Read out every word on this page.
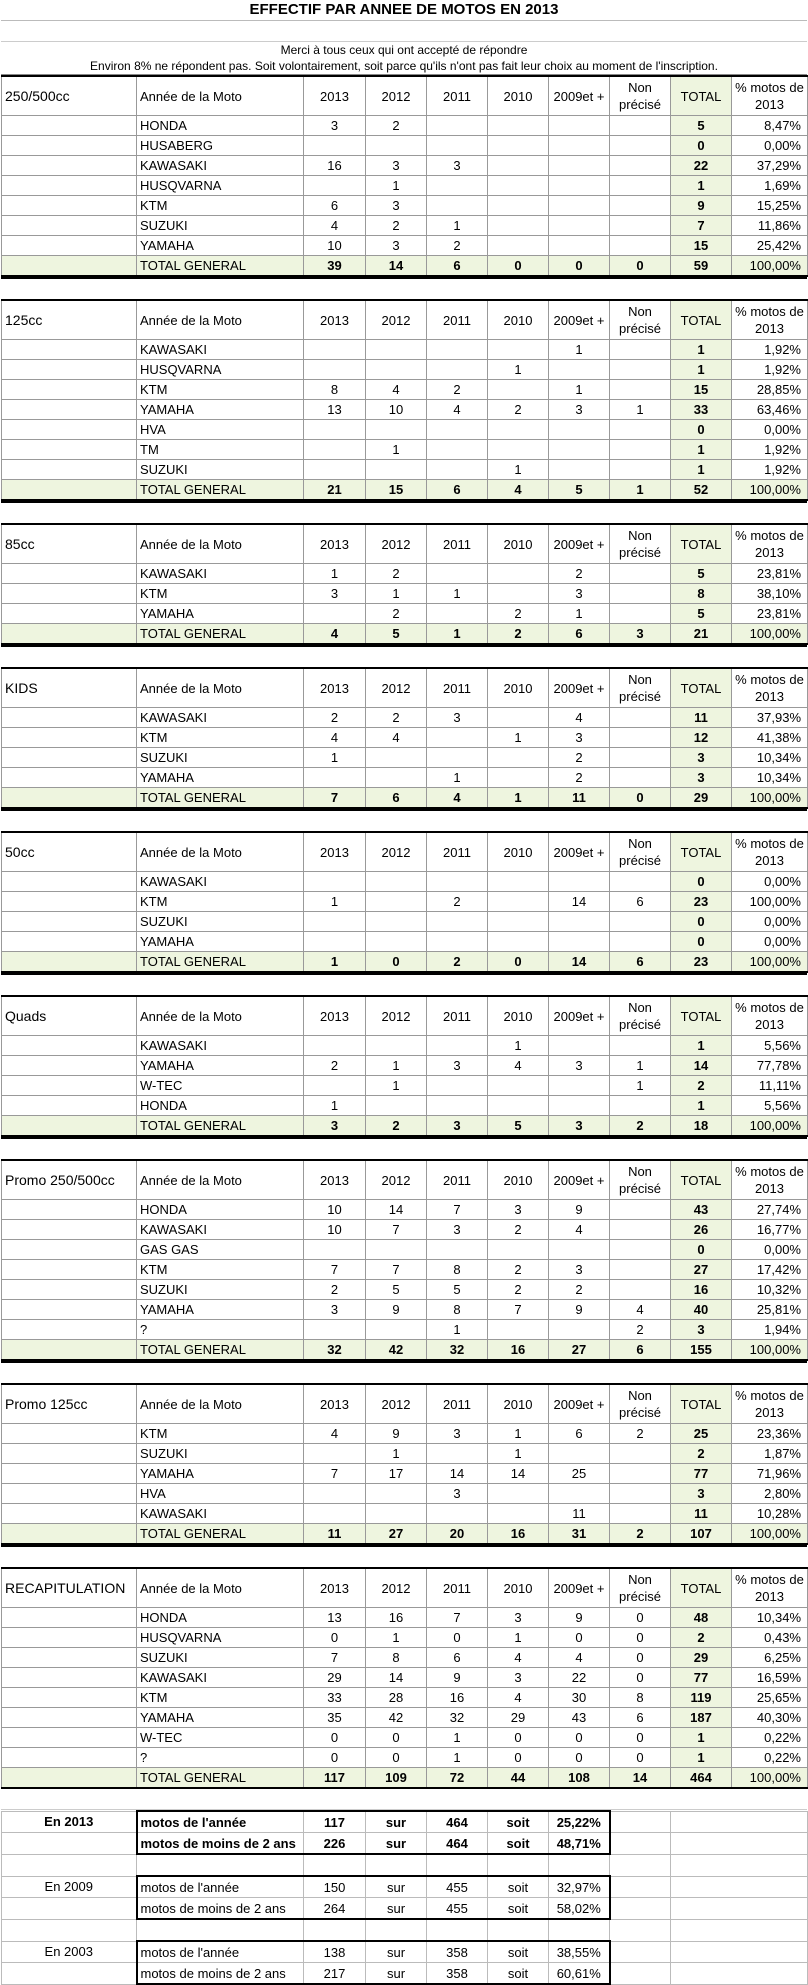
EFFECTIF PAR ANNEE DE MOTOS EN 2013
Merci à tous ceux qui ont accepté de répondre
Environ 8% ne répondent pas. Soit volontairement, soit parce qu'ils n'ont pas fait leur choix au moment de l'inscription.
250/500cc	Année de la Moto	2013	2012	2011	2010	2009et +	Non précisé	TOTAL	% motos de 2013
	HONDA	3	2					5	8,47%
	HUSABERG							0	0,00%
	KAWASAKI	16	3	3				22	37,29%
	HUSQVARNA		1					1	1,69%
	KTM	6	3					9	15,25%
	SUZUKI	4	2	1				7	11,86%
	YAMAHA	10	3	2				15	25,42%
	TOTAL GENERAL	39	14	6	0	0	0	59	100,00%
125cc	Année de la Moto	2013	2012	2011	2010	2009et +	Non précisé	TOTAL	% motos de 2013
	KAWASAKI					1		1	1,92%
	HUSQVARNA				1			1	1,92%
	KTM	8	4	2		1		15	28,85%
	YAMAHA	13	10	4	2	3	1	33	63,46%
	HVA							0	0,00%
	TM		1					1	1,92%
	SUZUKI				1			1	1,92%
	TOTAL GENERAL	21	15	6	4	5	1	52	100,00%
85cc	Année de la Moto	2013	2012	2011	2010	2009et +	Non précisé	TOTAL	% motos de 2013
	KAWASAKI	1	2			2		5	23,81%
	KTM	3	1	1		3		8	38,10%
	YAMAHA		2		2	1		5	23,81%
	TOTAL GENERAL	4	5	1	2	6	3	21	100,00%
KIDS	Année de la Moto	2013	2012	2011	2010	2009et +	Non précisé	TOTAL	% motos de 2013
	KAWASAKI	2	2	3		4		11	37,93%
	KTM	4	4		1	3		12	41,38%
	SUZUKI	1				2		3	10,34%
	YAMAHA			1		2		3	10,34%
	TOTAL GENERAL	7	6	4	1	11	0	29	100,00%
50cc	Année de la Moto	2013	2012	2011	2010	2009et +	Non précisé	TOTAL	% motos de 2013
	KAWASAKI							0	0,00%
	KTM	1		2		14	6	23	100,00%
	SUZUKI							0	0,00%
	YAMAHA							0	0,00%
	TOTAL GENERAL	1	0	2	0	14	6	23	100,00%
Quads	Année de la Moto	2013	2012	2011	2010	2009et +	Non précisé	TOTAL	% motos de 2013
	KAWASAKI				1			1	5,56%
	YAMAHA	2	1	3	4	3	1	14	77,78%
	W-TEC		1				1	2	11,11%
	HONDA	1						1	5,56%
	TOTAL GENERAL	3	2	3	5	3	2	18	100,00%
Promo 250/500cc	Année de la Moto	2013	2012	2011	2010	2009et +	Non précisé	TOTAL	% motos de 2013
	HONDA	10	14	7	3	9		43	27,74%
	KAWASAKI	10	7	3	2	4		26	16,77%
	GAS GAS							0	0,00%
	KTM	7	7	8	2	3		27	17,42%
	SUZUKI	2	5	5	2	2		16	10,32%
	YAMAHA	3	9	8	7	9	4	40	25,81%
	?			1			2	3	1,94%
	TOTAL GENERAL	32	42	32	16	27	6	155	100,00%
Promo 125cc	Année de la Moto	2013	2012	2011	2010	2009et +	Non précisé	TOTAL	% motos de 2013
	KTM	4	9	3	1	6	2	25	23,36%
	SUZUKI		1		1			2	1,87%
	YAMAHA	7	17	14	14	25		77	71,96%
	HVA			3				3	2,80%
	KAWASAKI					11		11	10,28%
	TOTAL GENERAL	11	27	20	16	31	2	107	100,00%
RECAPITULATION	Année de la Moto	2013	2012	2011	2010	2009et +	Non précisé	TOTAL	% motos de 2013
	HONDA	13	16	7	3	9	0	48	10,34%
	HUSQVARNA	0	1	0	1	0	0	2	0,43%
	SUZUKI	7	8	6	4	4	0	29	6,25%
	KAWASAKI	29	14	9	3	22	0	77	16,59%
	KTM	33	28	16	4	30	8	119	25,65%
	YAMAHA	35	42	32	29	43	6	187	40,30%
	W-TEC	0	0	1	0	0	0	1	0,22%
	?	0	0	1	0	0	0	1	0,22%
	TOTAL GENERAL	117	109	72	44	108	14	464	100,00%
En 2013	motos de l'année	117	sur	464	soit	25,22%		
	motos de moins de 2 ans	226	sur	464	soit	48,71%		

En 2009	motos de l'année	150	sur	455	soit	32,97%		
	motos de moins de 2 ans	264	sur	455	soit	58,02%		

En 2003	motos de l'année	138	sur	358	soit	38,55%		
	motos de moins de 2 ans	217	sur	358	soit	60,61%		
